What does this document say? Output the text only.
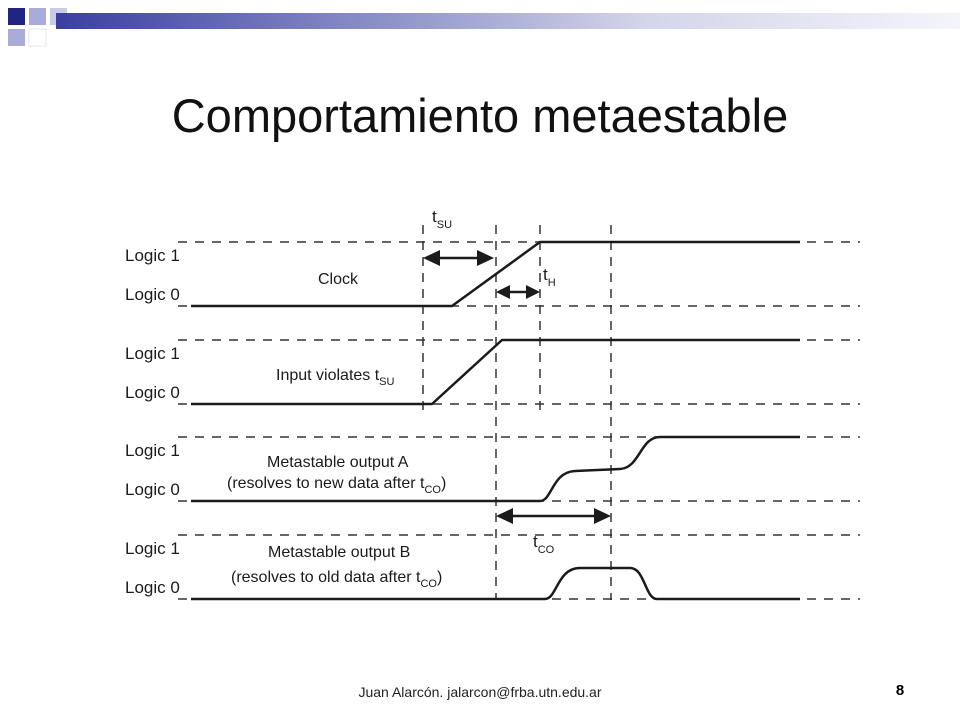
Comportamiento metaestable
Logic 1
Logic 0
Logic 1
Logic 0
Logic 1
Logic 0
Logic 1
Logic 0
Clock
Input violates $t_{SU}$
Metastable output A
(resolves to new data after $t_{CO}$)
Metastable output B
(resolves to old data after $t_{CO}$)
$t_{SU}$
$t_H$
$t_{CO}$
Juan Alarcón. jalarcon@frba.utn.edu.ar	8
